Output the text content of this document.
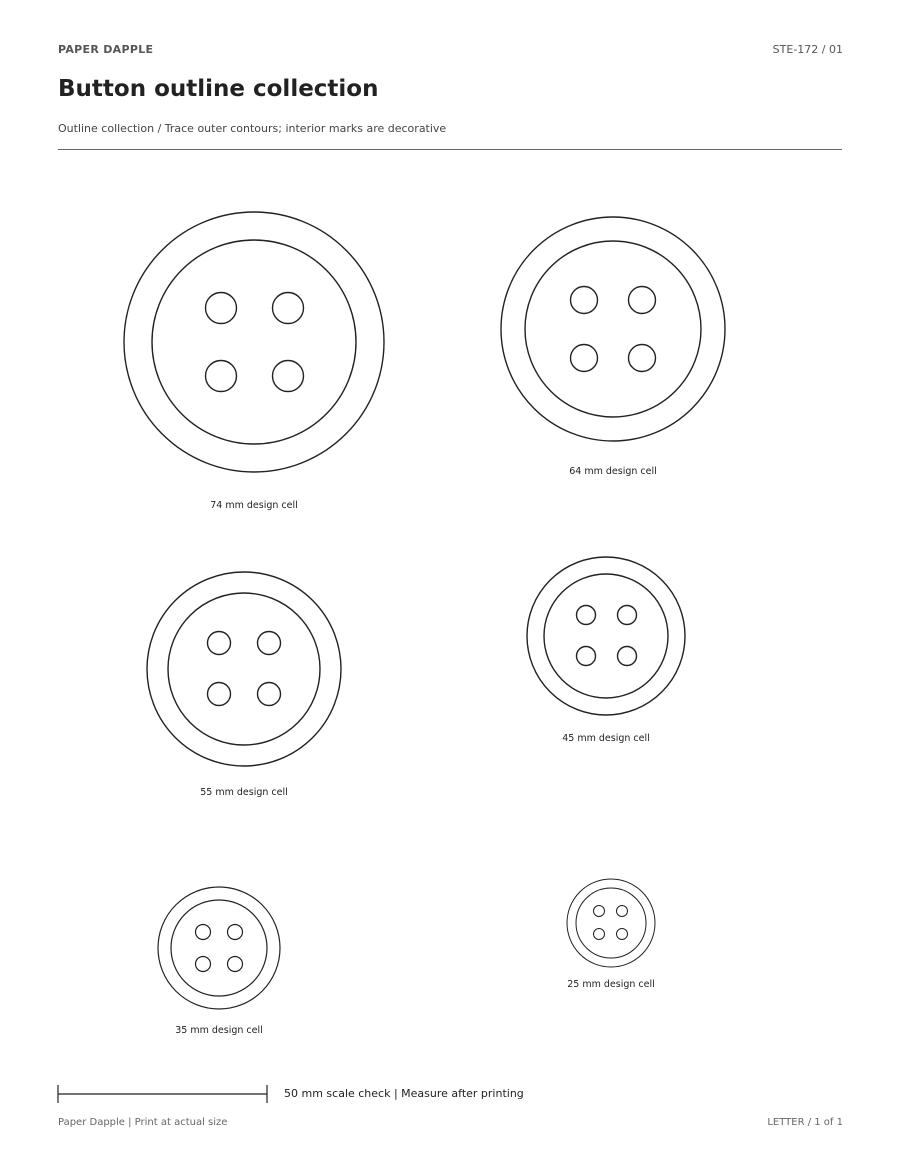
PAPER DAPPLE	STE-172 / 01
Button outline collection
Outline collection / Trace outer contours; interior marks are decorative
74 mm design cell
64 mm design cell
55 mm design cell
45 mm design cell
35 mm design cell
25 mm design cell
50 mm scale check | Measure after printing
Paper Dapple | Print at actual size	LETTER / 1 of 1
